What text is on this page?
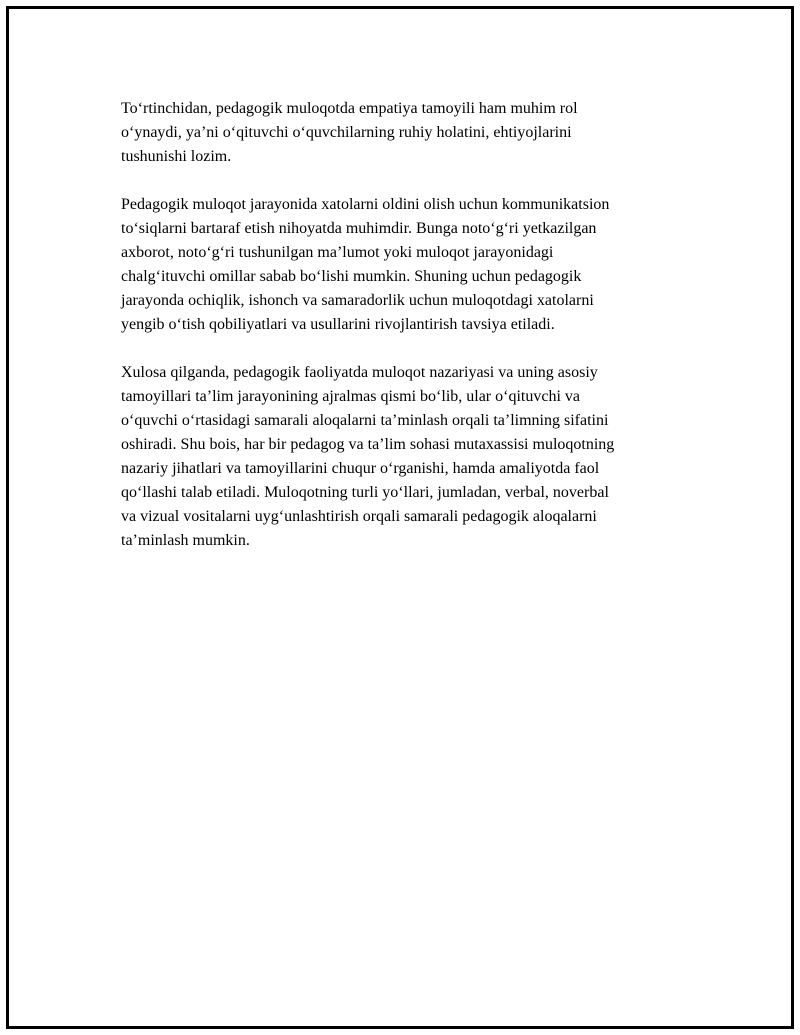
To‘rtinchidan, pedagogik muloqotda empatiya tamoyili ham muhim rol
o‘ynaydi, ya’ni o‘qituvchi o‘quvchilarning ruhiy holatini, ehtiyojlarini
tushunishi lozim.

Pedagogik muloqot jarayonida xatolarni oldini olish uchun kommunikatsion
to‘siqlarni bartaraf etish nihoyatda muhimdir. Bunga noto‘g‘ri yetkazilgan
axborot, noto‘g‘ri tushunilgan ma’lumot yoki muloqot jarayonidagi
chalg‘ituvchi omillar sabab bo‘lishi mumkin. Shuning uchun pedagogik
jarayonda ochiqlik, ishonch va samaradorlik uchun muloqotdagi xatolarni
yengib o‘tish qobiliyatlari va usullarini rivojlantirish tavsiya etiladi.

Xulosa qilganda, pedagogik faoliyatda muloqot nazariyasi va uning asosiy
tamoyillari ta’lim jarayonining ajralmas qismi bo‘lib, ular o‘qituvchi va
o‘quvchi o‘rtasidagi samarali aloqalarni ta’minlash orqali ta’limning sifatini
oshiradi. Shu bois, har bir pedagog va ta’lim sohasi mutaxassisi muloqotning
nazariy jihatlari va tamoyillarini chuqur o‘rganishi, hamda amaliyotda faol
qo‘llashi talab etiladi. Muloqotning turli yo‘llari, jumladan, verbal, noverbal
va vizual vositalarni uyg‘unlashtirish orqali samarali pedagogik aloqalarni
ta’minlash mumkin.
